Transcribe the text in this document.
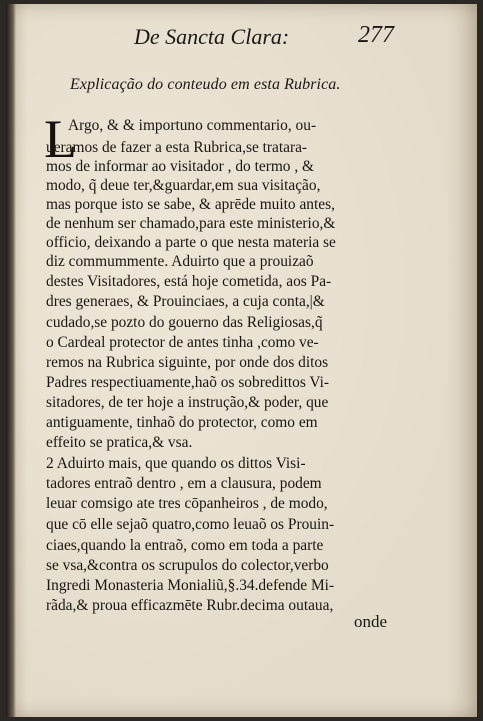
De Sancta Clara:	277
Explicação do conteudo em esta Rubrica.
L
Argo, & & importuno commentario, ou-
ueramos de fazer a esta Rubrica,se tratara-
mos de informar ao visitador , do termo , &
modo, q̃ deue ter,&guardar,em sua visitação,
mas porque isto se sabe, & aprēde muito antes,
de nenhum ser chamado,para este ministerio,&
officio, deixando a parte o que nesta materia se
diz commummente. Aduirto que a prouizaõ
destes Visitadores, está hoje cometida, aos Pa-
dres generaes, & Prouinciaes, a cuja conta,|&
cudado,se pozto do gouerno das Religiosas,q̃
o Cardeal protector de antes tinha ,como ve-
remos na Rubrica siguinte, por onde dos ditos
Padres respectiuamente,haõ os sobredittos Vi-
sitadores, de ter hoje a instrução,& poder, que
antiguamente, tinhaõ do protector, como em
effeito se pratica,& vsa.
2 Aduirto mais, que quando os dittos Visi-
tadores entraõ dentro , em a clausura, podem
leuar comsigo ate tres cōpanheiros , de modo,
que cō elle sejaõ quatro,como leuaõ os Prouin-
ciaes,quando la entraõ, como em toda a parte
se vsa,&contra os scrupulos do colector,verbo
Ingredi Monasteria Monialiũ,§.34.defende Mi-
rãda,& proua efficazmēte Rubr.decima outaua,
onde
